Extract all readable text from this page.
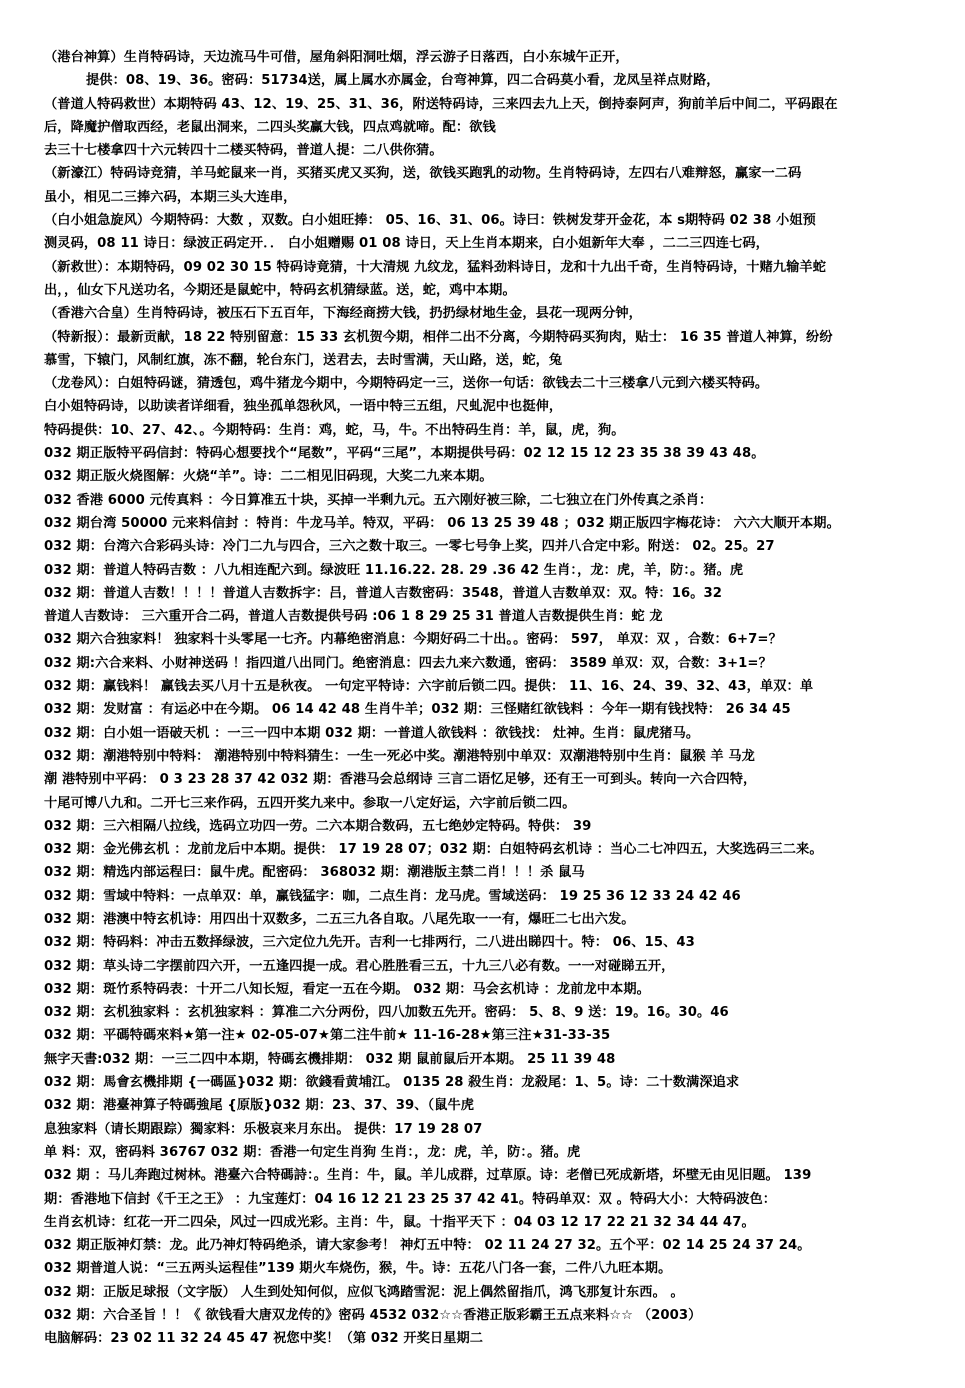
（港台神算）生肖特码诗，天边流马牛可借，屋角斜阳洞吐烟，浮云游子日落西，白小东城午正开，
提供：08、19、36。密码：51734送，属上属水亦属金，台弯神算，四二合码莫小看，龙凤呈祥点财路，
（普道人特码救世）本期特码 43、12、19、25、31、36，附送特码诗，三来四去九上天，倒持泰阿声，狗前羊后中间二，平码跟在
后，降魔护僧取西经，老鼠出洞来，二四头奖赢大钱，四点鸡就啼。配：欲钱
去三十七楼拿四十六元转四十二楼买特码，普道人提：二八供你猜。
（新濠江）特码诗竞猜，羊马蛇鼠来一肖，买猪买虎又买狗，送，欲钱买跑乳的动物。生肖特码诗，左四右八难辩怒，赢家一二码
虽小，相见二三捧六码，本期三头大连串，
（白小姐急旋风）今期特码：大数 ，双数。白小姐旺捧： 05、16、31、06。诗曰：铁树发芽开金花，本 s期特码 02 38 小姐预
测灵码，08 11 诗日：绿波正码定开．． 白小姐赠赐 01 08 诗日，天上生肖本期来，白小姐新年大奉 ，二二三四连七码，
（新救世）：本期特码，09 02 30 15 特码诗竟猜，十大清规 九纹龙，猛料劲料诗日，龙和十九出千奇，生肖特码诗，十赌九输羊蛇
出，，仙女下凡送功名，今期还是鼠蛇中，特码玄机猜绿蓝。送，蛇，鸡中本期。
（香港六合皇）生肖特码诗，被压石下五百年，下海经商捞大钱，扔扔绿材地生金，县花一现两分钟，
（特新报）：最新贡献，18 22 特别留意：15 33 玄机贺今期，相伴二出不分离，今期特码买狗肉，贴士： 16 35 普道人神算，纷纷
慕雪，下辕门，风制红旗，冻不翻，轮台东门，送君去，去时雪满，天山路，送，蛇，兔
（龙卷风）：白姐特码谜，猜透包，鸡牛猪龙今期中，今期特码定一三，送你一句话：欲钱去二十三楼拿八元到六楼买特码。
白小姐特码诗，以助读者详细看，独坐孤单怨秋风，一语中特三五组，尺虬泥中也挺伸，
特码提供：10、27、42、。今期特码：生肖：鸡，蛇，马，牛。不出特码生肖：羊，鼠，虎，狗。
032 期正版特平码信封：特码心想要找个“尾数”，平码“三尾”，本期提供号码：02 12 15 12 23 35 38 39 43 48。
032 期正版火烧图解：火烧“羊”。诗：二二相见旧码现，大奖二九来本期。
032 香港 6000 元传真料 ：今日算准五十块，买掉一半剩九元。五六刚好被三除，二七独立在门外传真之杀肖：
032 期台湾 50000 元来料信封 ：特肖：牛龙马羊。特双，平码： 06 13 25 39 48 ；032 期正版四字梅花诗： 六六大顺开本期。
032 期：台湾六合彩码头诗：冷门二九与四合，三六之数十取三。一零七号争上奖，四并八合定中彩。附送： 02。25。27
032 期：普道人特码吉数 ：八九相连配六到。绿波旺 11.16.22. 28. 29 .36 42 生肖：，龙：虎，羊，防：。猪。虎
032 期：普道人吉数！！！！普道人吉数拆字：吕，普道人吉数密码：3548，普道人吉数单双：双。特：16。32
普道人吉数诗： 三六重开合二码，普道人吉数提供号码 :06 1 8 29 25 31 普道人吉数提供生肖：蛇 龙
032 期六合独家料！ 独家料十头零尾一七齐。内幕绝密消息：今期好码二十出。。密码： 597， 单双：双 ，合数：6+7=？
032 期:六合来料、小财神送码 ！指四道八出同门。绝密消息：四去九来六数通，密码： 3589 单双：双，合数：3+1=？
032 期：赢钱料！ 赢钱去买八月十五是秋夜。 一句定平特诗：六字前后锁二四。提供： 11、16、24、39、32、43，单双：单
032 期：发财富 ：有运必中在今期。 06 14 42 48 生肖牛羊；032 期：三怪赌红欲钱料 ：今年一期有钱找特： 26 34 45
032 期：白小姐一语破天机 ：一三一四中本期 032 期：一普道人欲钱料 ：欲钱找： 灶神。生肖：鼠虎猪马。
032 期：潮港特别中特料： 潮港特别中特料猜生：一生一死必中奖。潮港特别中单双：双潮港特别中生肖：鼠猴 羊 马龙
潮 港特别中平码： 0 3 23 28 37 42 032 期：香港马会总纲诗 三言二语忆足够，还有王一可到头。转向一六合四特，
十尾可博八九和。二开七三来作码，五四开奖九来中。参取一八定好运，六字前后锁二四。
032 期：三六相隔八拉线，选码立功四一劳。二六本期合数码，五七绝妙定特码。特供： 39
032 期：金光佛玄机 ：龙前龙后中本期。提供： 17 19 28 07；032 期：白姐特码玄机诗 ：当心二七冲四五，大奖选码三二来。
032 期：精选内部运程曰：鼠牛虎。配密码： 368032 期：潮港版主禁二肖！！！杀 鼠马
032 期：雪域中特料：一点单双：单，赢钱猛字：咖，二点生肖：龙马虎。雪域送码： 19 25 36 12 33 24 42 46
032 期：港澳中特玄机诗：用四出十双数多，二五三九各自取。八尾先取一一有，爆旺二七出六发。
032 期：特码料：冲击五数择绿波，三六定位九先开。吉利一七排两行，二八进出睇四十。特： 06、15、43
032 期：草头诗二字摆前四六开，一五逢四提一成。君心胜胜看三五，十九三八必有数。一一对碰睇五开，
032 期：斑竹系特码表：十开二八知长短，看定一五在今期。 032 期：马会玄机诗 ：龙前龙中本期。
032 期：玄机独家料 ：玄机独家料 ：算准二六分两份，四八加数五先开。密码： 5、8、9 送：19。16。30。46
032 期：平碼特碼來料★第一注★ 02-05-07★第二注牛前★ 11-16-28★第三注★31-33-35
無字天書:032 期：一三二四中本期，特碼玄機排期： 032 期 鼠前鼠后开本期。 25 11 39 48
032 期：馬會玄機排期 {一碼區}032 期：欲錢看黄埔江。 0135 28 殺生肖：龙殺尾：1、5。诗：二十数满深追求
032 期：港臺神算子特碼強尾 {原版}032 期：23、37、39、（鼠牛虎
息独家料（请长期跟踪）獨家料：乐极哀来月东出。 提供：17 19 28 07
单 料：双，密码料 36767 032 期：香港一句定生肖狗 生肖：，龙：虎，羊，防：。猪。虎
032 期 ：马儿奔跑过树林。港臺六合特碼詩：。生肖：牛，鼠。羊儿成群，过草原。诗：老僧已死成新塔，坏壁无由见旧题。 139
期：香港地下信封《千王之王》 ：九宝莲灯：04 16 12 21 23 25 37 42 41。特码单双：双 。特码大小：大特码波色：
生肖玄机诗：红花一开二四朵，风过一四成光彩。主肖：牛，鼠。十指平天下 ：04 03 12 17 22 21 32 34 44 47。
032 期正版神灯禁：龙。此乃神灯特码绝杀，请大家参考！ 神灯五中特： 02 11 24 27 32。五个平：02 14 25 24 37 24。
032 期普道人说：“三五两头运程佳”139 期火车烧伤，猴，牛。诗：五花八门各一套，二件八九旺本期。
032 期：正版足球报（文字版） 人生到处知何似，应似飞鸿踏雪泥：泥上偶然留指爪，鸿飞那复计东西。 。
032 期：六合圣旨 ！！《 欲钱看大唐双龙传的》密码 4532 032☆☆香港正版彩霸王五点来料☆☆ （2003）
电脑解码：23 02 11 32 24 45 47 祝您中奖！（第 032 开奖日星期二
